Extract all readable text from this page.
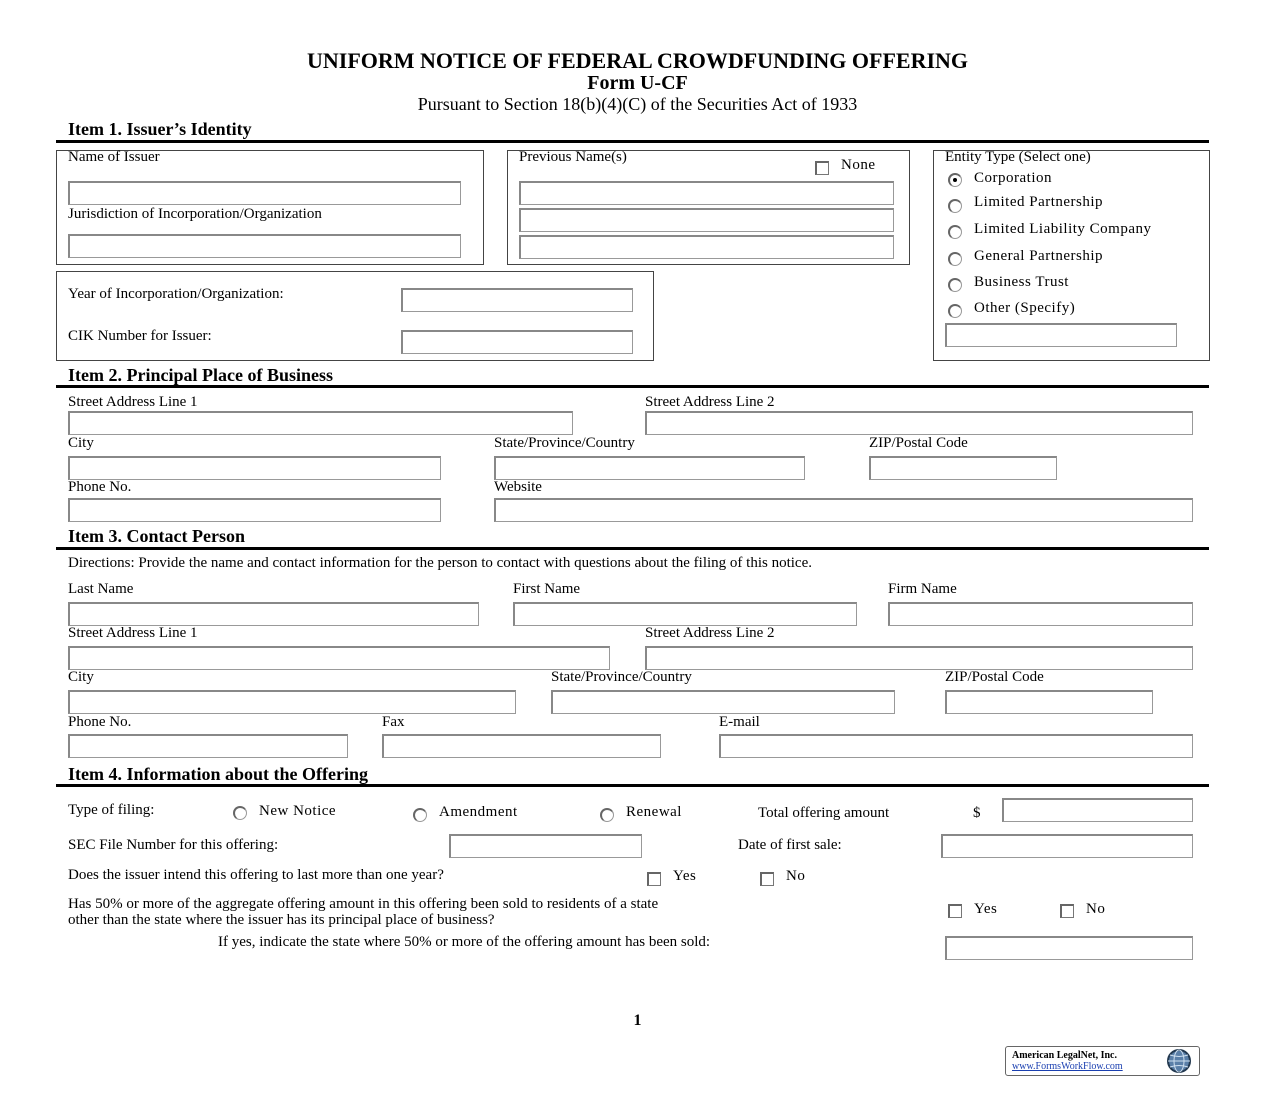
UNIFORM NOTICE OF FEDERAL CROWDFUNDING OFFERING
Form U-CF
Pursuant to Section 18(b)(4)(C) of the Securities Act of 1933
Item 1. Issuer’s Identity
Name of Issuer
Jurisdiction of Incorporation/Organization
Previous Name(s)	None
Year of Incorporation/Organization:
CIK Number for Issuer:
Entity Type (Select one)
Corporation
Limited Partnership
Limited Liability Company
General Partnership
Business Trust
Other (Specify)
Item 2. Principal Place of Business
Street Address Line 1	Street Address Line 2
City	State/Province/Country	ZIP/Postal Code
Phone No.	Website
Item 3. Contact Person
Directions: Provide the name and contact information for the person to contact with questions about the filing of this notice.
Last Name	First Name	Firm Name
Street Address Line 1	Street Address Line 2
City	State/Province/Country	ZIP/Postal Code
Phone No.	Fax	E-mail
Item 4. Information about the Offering
Type of filing:	New Notice	Amendment	Renewal	Total offering amount	$
SEC File Number for this offering:	Date of first sale:
Does the issuer intend this offering to last more than one year?	Yes	No
Has 50% or more of the aggregate offering amount in this offering been sold to residents of a state
other than the state where the issuer has its principal place of business?
Yes	No
If yes, indicate the state where 50% or more of the offering amount has been sold:
1
American LegalNet, Inc.
www.FormsWorkFlow.com
